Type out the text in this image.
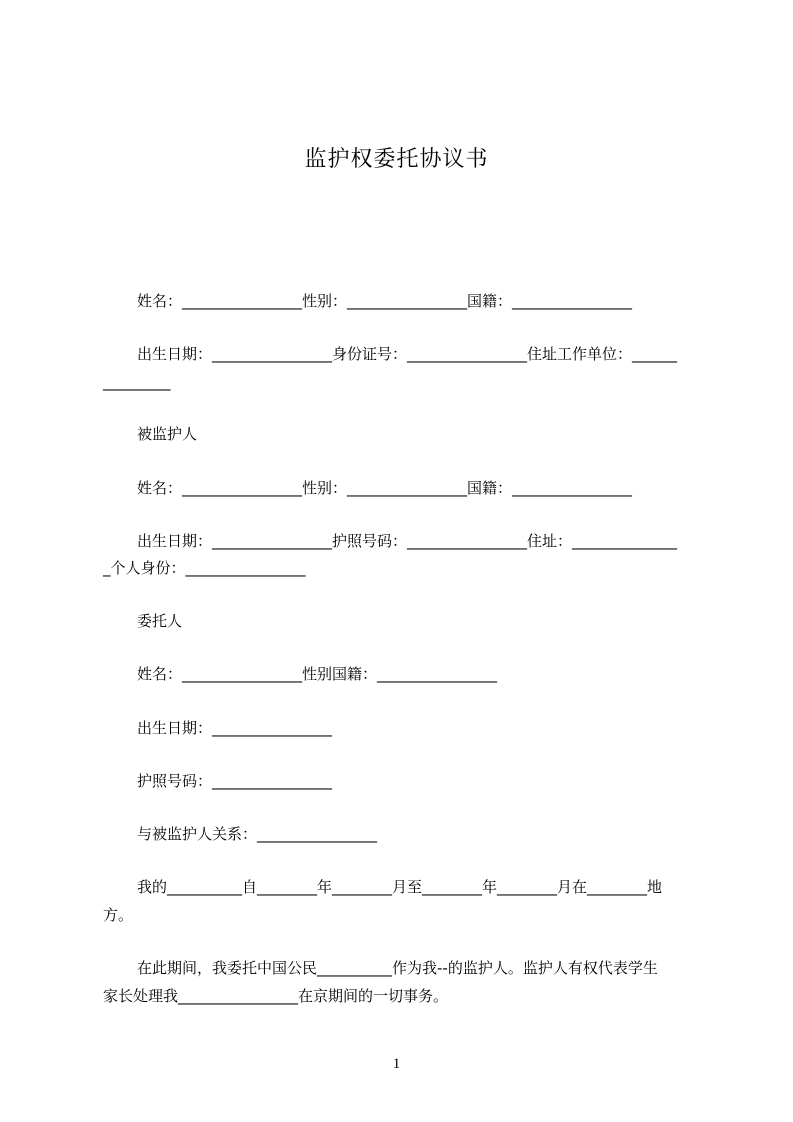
监护权委托协议书
姓名：________________性别：________________国籍：________________
出生日期：________________身份证号：________________住址工作单位：______
_________
被监护人
姓名：________________性别：________________国籍：________________
出生日期：________________护照号码：________________住址：______________
_个人身份：________________
委托人
姓名：________________性别国籍：________________
出生日期：________________
护照号码：________________
与被监护人关系：________________
我的__________自________年________月至________年________月在________地
方。
在此期间，我委托中国公民__________作为我--的监护人。监护人有权代表学生
家长处理我________________在京期间的一切事务。
1
